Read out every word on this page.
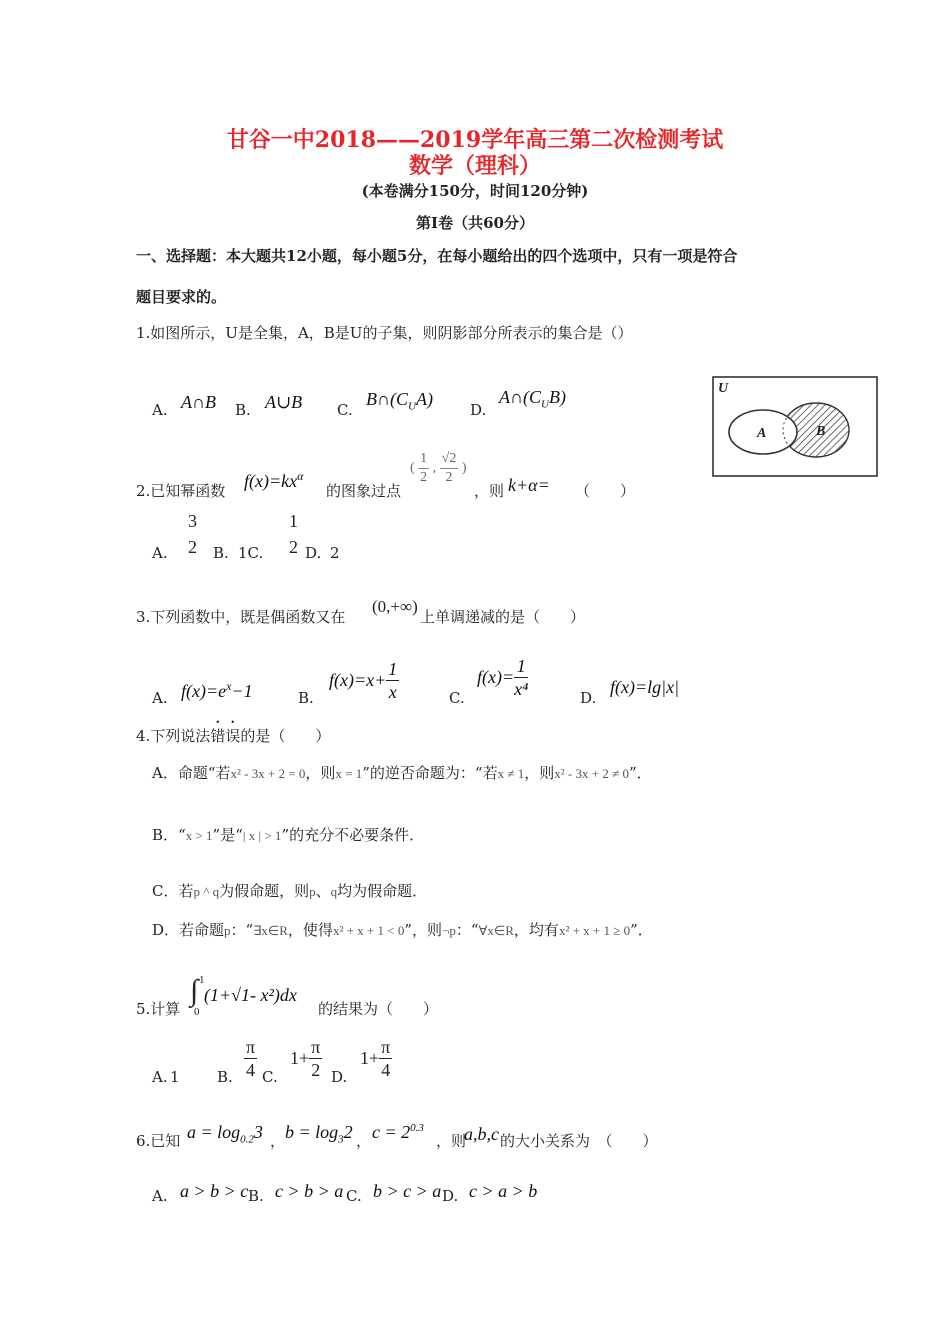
甘谷一中2018——2019学年高三第二次检测考试
数学（理科）
(本卷满分150分，时间120分钟)
第I卷（共60分）
一、选择题：本大题共12小题，每小题5分，在每小题给出的四个选项中，只有一项是符合
题目要求的。
1.如图所示，U是全集，A，B是U的子集，则阴影部分所表示的集合是（）
A. A∩B B. A∪B C.
$B\cap(C_UA)$
D.
$A\cap(C_UB)$	U
A	B
2.已知幂函数 $f(x)=kx^\alpha$
的图象过点
( $\frac{1}{2}$ , $\frac{√2}{2}$ )
，则 k+α= （　　）
A.
3
2 B. 1C.
1
2 D. 2
3.下列函数中，既是偶函数又在
(0,+∞)
上单调递减的是（　　）
A. $f(x)=e^x-1$	B.
$f(x)=x+ \frac{1}{x}$	C.
$f(x)= \frac{1}{\text{x⁴}}$	D.
f(x)=lg|x|
4.下列说法错误的是（　　）
A．命题“若x² - 3x + 2 = 0，则x = 1”的逆否命题为：“若x ≠ 1，则x² - 3x + 2 ≠ 0”．
B．“x > 1”是“| x | > 1”的充分不必要条件．
C．若p ^ q为假命题，则p、q均为假命题．
D．若命题p：“∃x∈R，使得x² + x + 1 < 0”，则¬p：“∀x∈R，均有x² + x + 1 ≥ 0”．
5.计算
∫ 1
0
(1+√1- x²)dx
的结果为（　　）
A. 1 B. $\frac{\pi}{4} C$.
$1+ \frac{\pi}{2} D$.
$1+ \frac{\pi}{4}$
6.已知 $a = \log_{0.2}3$ ， $b = \log_32$ ， $c = 2^{0.3}$
，则
a,b,c 的大小关系为　（　　）
A. a > b > c B. c > b > a C. b > c > a D. c > a > b
